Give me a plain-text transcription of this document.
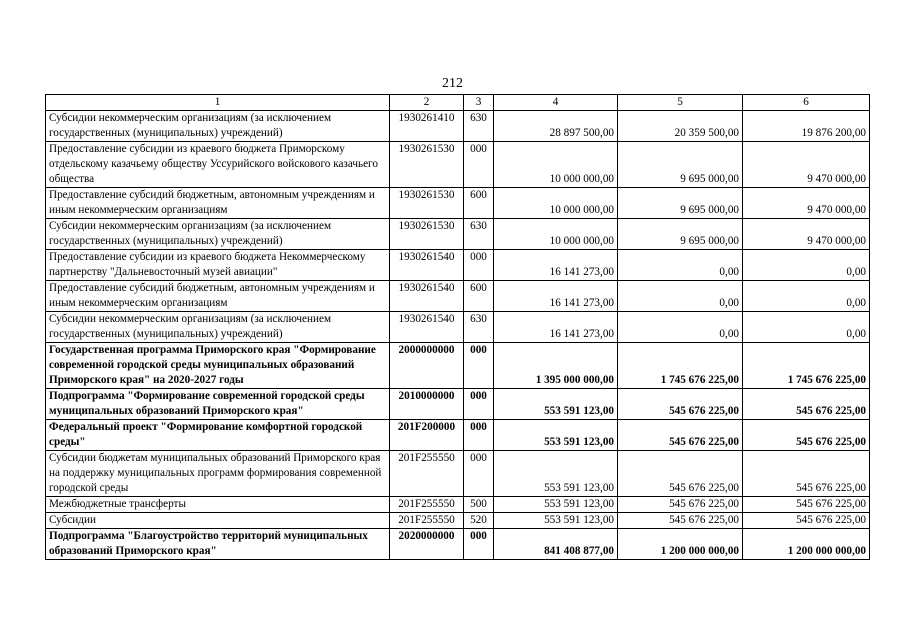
212
1	2	3	4	5	6
Субсидии некоммерческим организациям (за исключением государственных (муниципальных) учреждений)	1930261410	630	28 897 500,00	20 359 500,00	19 876 200,00
Предоставление субсидии из краевого бюджета Приморскому отдельскому казачьему обществу Уссурийского войскового казачьего общества	1930261530	000	10 000 000,00	9 695 000,00	9 470 000,00
Предоставление субсидий бюджетным, автономным учреждениям и иным некоммерческим организациям	1930261530	600	10 000 000,00	9 695 000,00	9 470 000,00
Субсидии некоммерческим организациям (за исключением государственных (муниципальных) учреждений)	1930261530	630	10 000 000,00	9 695 000,00	9 470 000,00
Предоставление субсидии из краевого бюджета Некоммерческому партнерству "Дальневосточный музей авиации"	1930261540	000	16 141 273,00	0,00	0,00
Предоставление субсидий бюджетным, автономным учреждениям и иным некоммерческим организациям	1930261540	600	16 141 273,00	0,00	0,00
Субсидии некоммерческим организациям (за исключением государственных (муниципальных) учреждений)	1930261540	630	16 141 273,00	0,00	0,00
Государственная программа Приморского края "Формирование современной городской среды муниципальных образований Приморского края" на 2020-2027 годы	2000000000	000	1 395 000 000,00	1 745 676 225,00	1 745 676 225,00
Подпрограмма "Формирование современной городской среды муниципальных образований Приморского края"	2010000000	000	553 591 123,00	545 676 225,00	545 676 225,00
Федеральный проект "Формирование комфортной городской среды"	201F200000	000	553 591 123,00	545 676 225,00	545 676 225,00
Субсидии бюджетам муниципальных образований Приморского края на поддержку муниципальных программ формирования современной городской среды	201F255550	000	553 591 123,00	545 676 225,00	545 676 225,00
Межбюджетные трансферты	201F255550	500	553 591 123,00	545 676 225,00	545 676 225,00
Субсидии	201F255550	520	553 591 123,00	545 676 225,00	545 676 225,00
Подпрограмма "Благоустройство территорий муниципальных образований Приморского края"	2020000000	000	841 408 877,00	1 200 000 000,00	1 200 000 000,00
